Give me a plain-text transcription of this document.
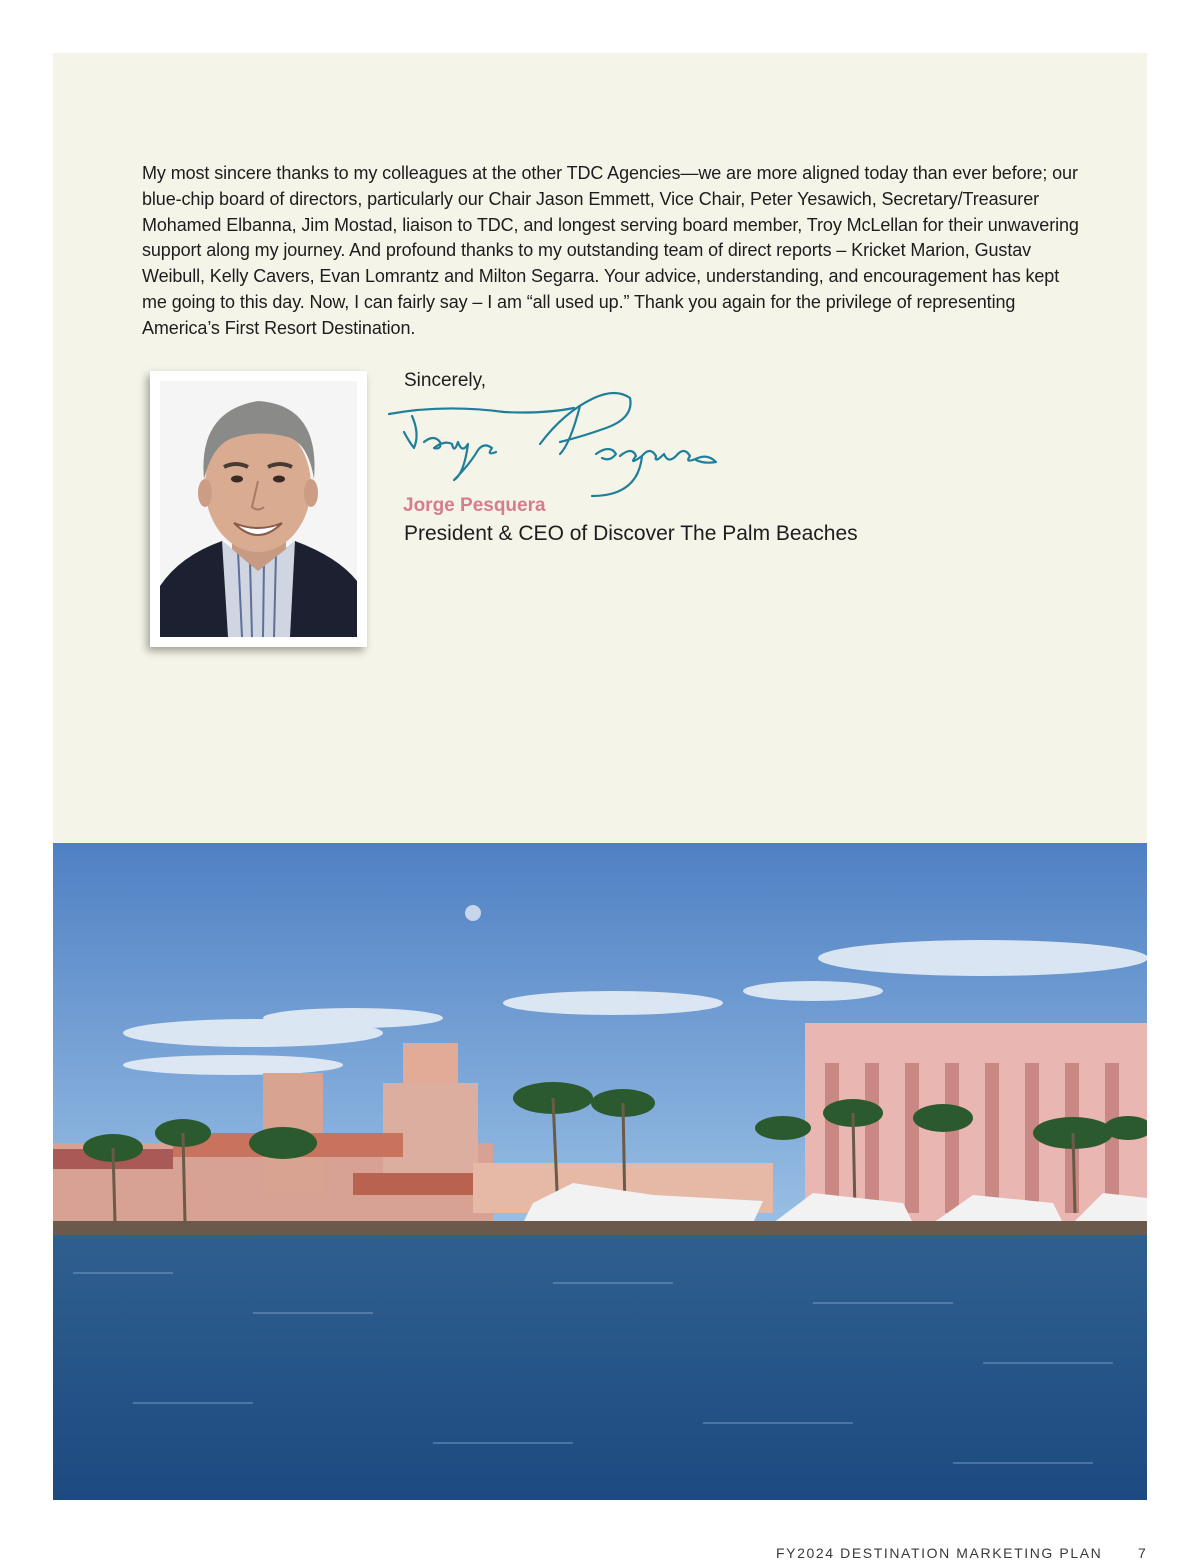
My most sincere thanks to my colleagues at the other TDC Agencies—we are more aligned today than ever before; our blue-chip board of directors, particularly our Chair Jason Emmett, Vice Chair, Peter Yesawich, Secretary/Treasurer Mohamed Elbanna, Jim Mostad, liaison to TDC, and longest serving board member, Troy McLellan for their unwavering support along my journey. And profound thanks to my outstanding team of direct reports – Kricket Marion, Gustav Weibull, Kelly Cavers, Evan Lomrantz and Milton Segarra. Your advice, understanding, and encouragement has kept me going to this day. Now, I can fairly say – I am “all used up.” Thank you again for the privilege of representing America’s First Resort Destination.

Sincerely,
Jorge Pesquera
Jorge Pesquera
President & CEO of Discover The Palm Beaches
FY2024 DESTINATION MARKETING PLAN	7
